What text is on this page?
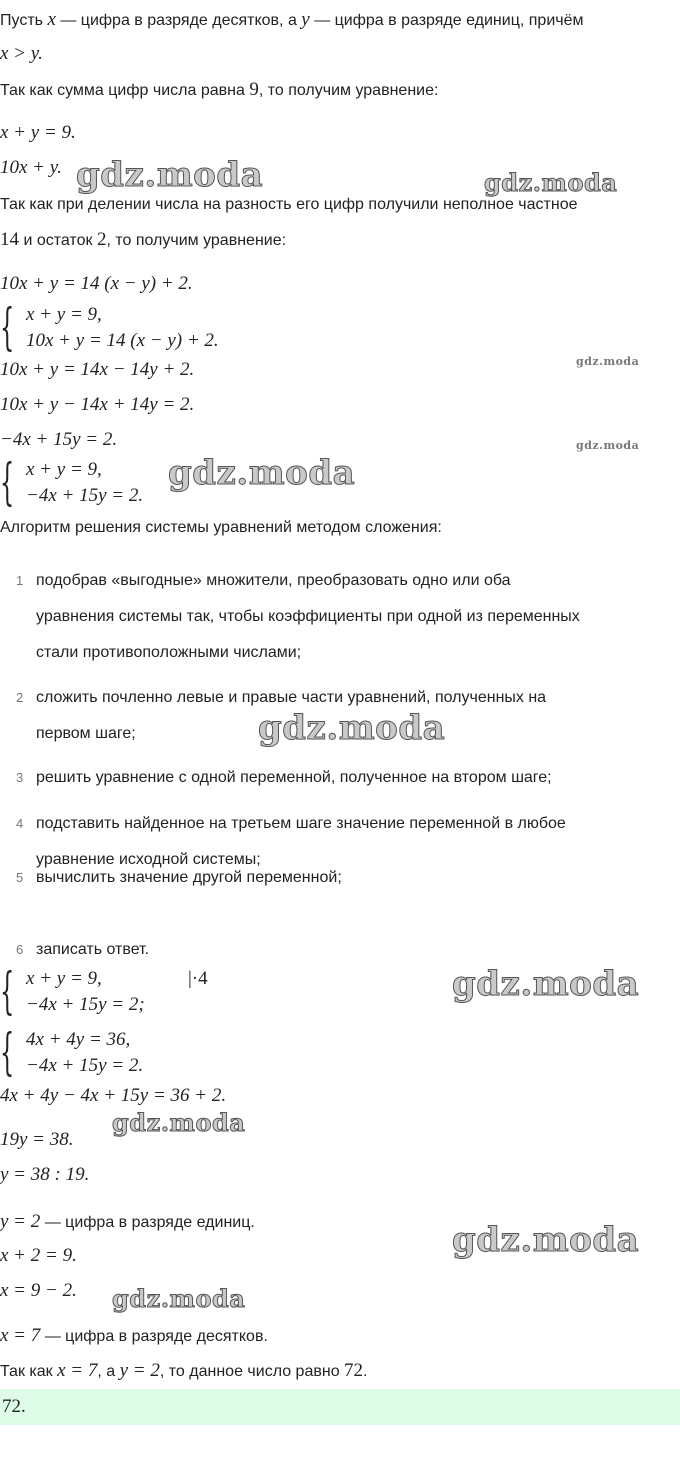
Пусть x — цифра в разряде десятков, а y — цифра в разряде единиц, причём
x > y.
Так как сумма цифр числа равна 9, то получим уравнение:
x + y = 9.
10x + y.
Так как при делении числа на разность его цифр получили неполное частное
14 и остаток 2, то получим уравнение:
10x + y = 14 (x − y) + 2.
{ x + y = 9,
10x + y = 14 (x − y) + 2.
10x + y = 14x − 14y + 2.
10x + y − 14x + 14y = 2.
−4x + 15y = 2.
{ x + y = 9,
−4x + 15y = 2.
Алгоритм решения системы уравнений методом сложения:
1 подобрав «выгодные» множители, преобразовать одно или оба
уравнения системы так, чтобы коэффициенты при одной из переменных
стали противоположными числами;
2 сложить почленно левые и правые части уравнений, полученных на
первом шаге;
3 решить уравнение с одной переменной, полученное на втором шаге;
4 подставить найденное на третьем шаге значение переменной в любое
уравнение исходной системы;
5 вычислить значение другой переменной;
6 записать ответ.
{ x + y = 9,
−4x + 15y = 2;
|·4
{ 4x + 4y = 36,
−4x + 15y = 2.
4x + 4y − 4x + 15y = 36 + 2.
19y = 38.
y = 38 : 19.
y = 2 — цифра в разряде единиц.
x + 2 = 9.
x = 9 − 2.
x = 7 — цифра в разряде десятков.
Так как x = 7, а y = 2, то данное число равно 72.
72.
gdz.moda	gdz.moda
gdz.moda
gdz.moda
gdz.moda
gdz.moda
gdz.moda
gdz.moda
gdz.moda
gdz.moda
